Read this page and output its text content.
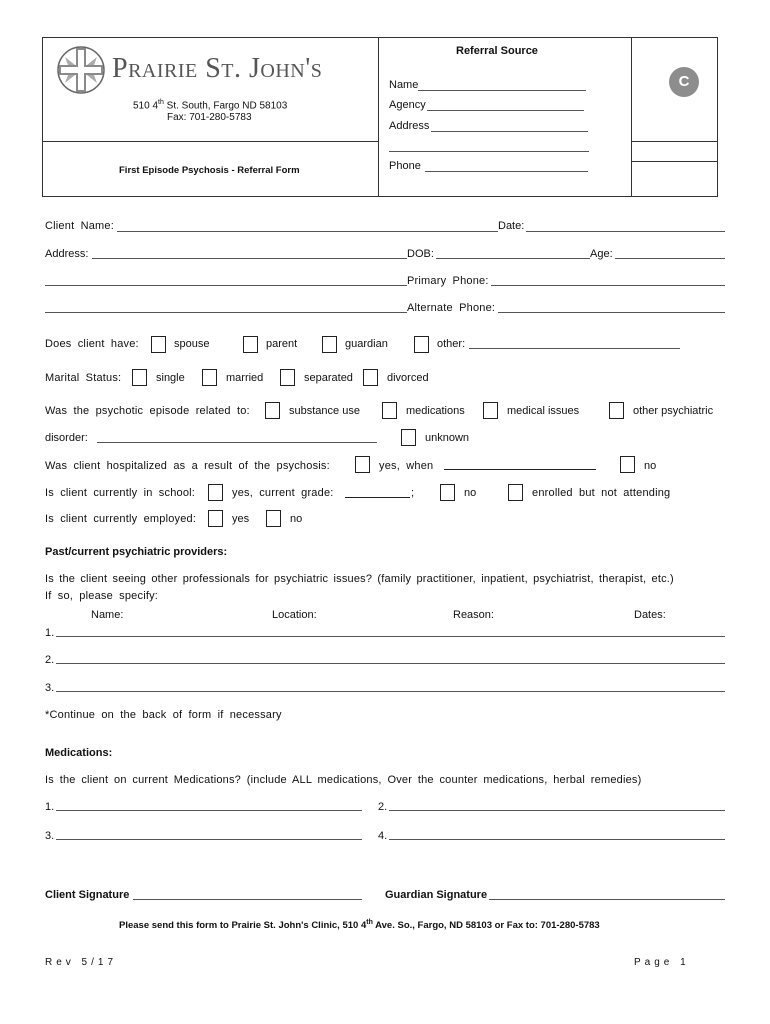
Prairie St. John's
510 4th St. South, Fargo ND 58103
Fax: 701-280-5783
First Episode Psychosis - Referral Form
Referral Source
Name
Agency
Address
Phone
C
Client Name:	Date:
Address:	DOB:	Age:
Primary Phone:
Alternate Phone:
Does client have:	spouse	parent	guardian	other:
Marital Status:	single	married	separated	divorced
Was the psychotic episode related to:	substance use	medications	medical issues	other psychiatric
disorder:	unknown
Was client hospitalized as a result of the psychosis:	yes, when	no
Is client currently in school:	yes, current grade:	;	no	enrolled but not attending
Is client currently employed:	yes	no
Past/current psychiatric providers:
Is the client seeing other professionals for psychiatric issues? (family practitioner, inpatient, psychiatrist, therapist, etc.)
If so, please specify:
Name:	Location:	Reason:	Dates:
1.
2.
3.
*Continue on the back of form if necessary
Medications:
Is the client on current Medications? (include ALL medications, Over the counter medications, herbal remedies)
1.	2.
3.	4.
Client Signature	Guardian Signature
Please send this form to Prairie St. John's Clinic, 510 4th Ave. So., Fargo, ND 58103 or Fax to: 701-280-5783
Rev 5/17	Page 1
